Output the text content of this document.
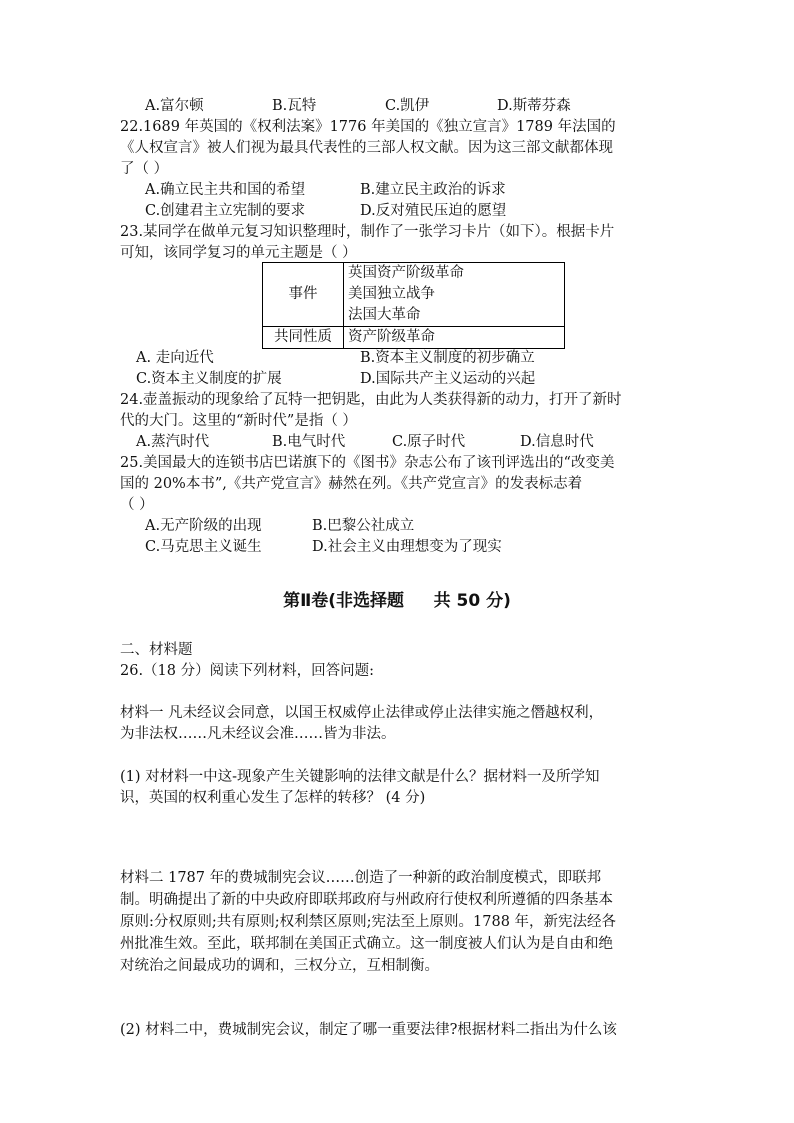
A.富尔顿	B.瓦特	C.凯伊	D.斯蒂芬森
22.1689 年英国的《权利法案》1776 年美国的《独立宣言》1789 年法国的
《人权宣言》被人们视为最具代表性的三部人权文献。因为这三部文献都体现
了（ ）
A.确立民主共和国的希望	B.建立民主政治的诉求
C.创建君主立宪制的要求	D.反对殖民压迫的愿望
23.某同学在做单元复习知识整理时，制作了一张学习卡片（如下）。根据卡片
可知，该同学复习的单元主题是（ ）
事件	英国资产阶级革命
美国独立战争
法国大革命

共同性质	资产阶级革命
A. 走向近代	B.资本主义制度的初步确立
C.资本主义制度的扩展	D.国际共产主义运动的兴起
24.壶盖振动的现象给了瓦特一把钥匙，由此为人类获得新的动力，打开了新时
代的大门。这里的“新时代”是指（ ）
A.蒸汽时代	B.电气时代	C.原子时代	D.信息时代
25.美国最大的连锁书店巴诺旗下的《图书》杂志公布了该刊评选出的“改变美
国的 20%本书”,《共产党宣言》赫然在列。《共产党宣言》的发表标志着
（ ）
A.无产阶级的出现	B.巴黎公社成立
C.马克思主义诞生	D.社会主义由理想变为了现实
第Ⅱ卷(非选择题     共 50 分)
二、材料题
26.（18 分）阅读下列材料，回答问题:
材料一 凡未经议会同意，以国王权威停止法律或停止法律实施之僭越权利，
为非法权……凡未经议会准……皆为非法。
(1) 对材料一中这-现象产生关键影响的法律文献是什么？据材料一及所学知
识，英国的权利重心发生了怎样的转移？ (4 分)
材料二 1787 年的费城制宪会议……创造了一种新的政治制度模式，即联邦
制。明确提出了新的中央政府即联邦政府与州政府行使权利所遵循的四条基本
原则:分权原则;共有原则;权利禁区原则;宪法至上原则。1788 年，新宪法经各
州批准生效。至此，联邦制在美国正式确立。这一制度被人们认为是自由和绝
对统治之间最成功的调和，三权分立，互相制衡。
(2) 材料二中，费城制宪会议，制定了哪一重要法律?根据材料二指出为什么该
